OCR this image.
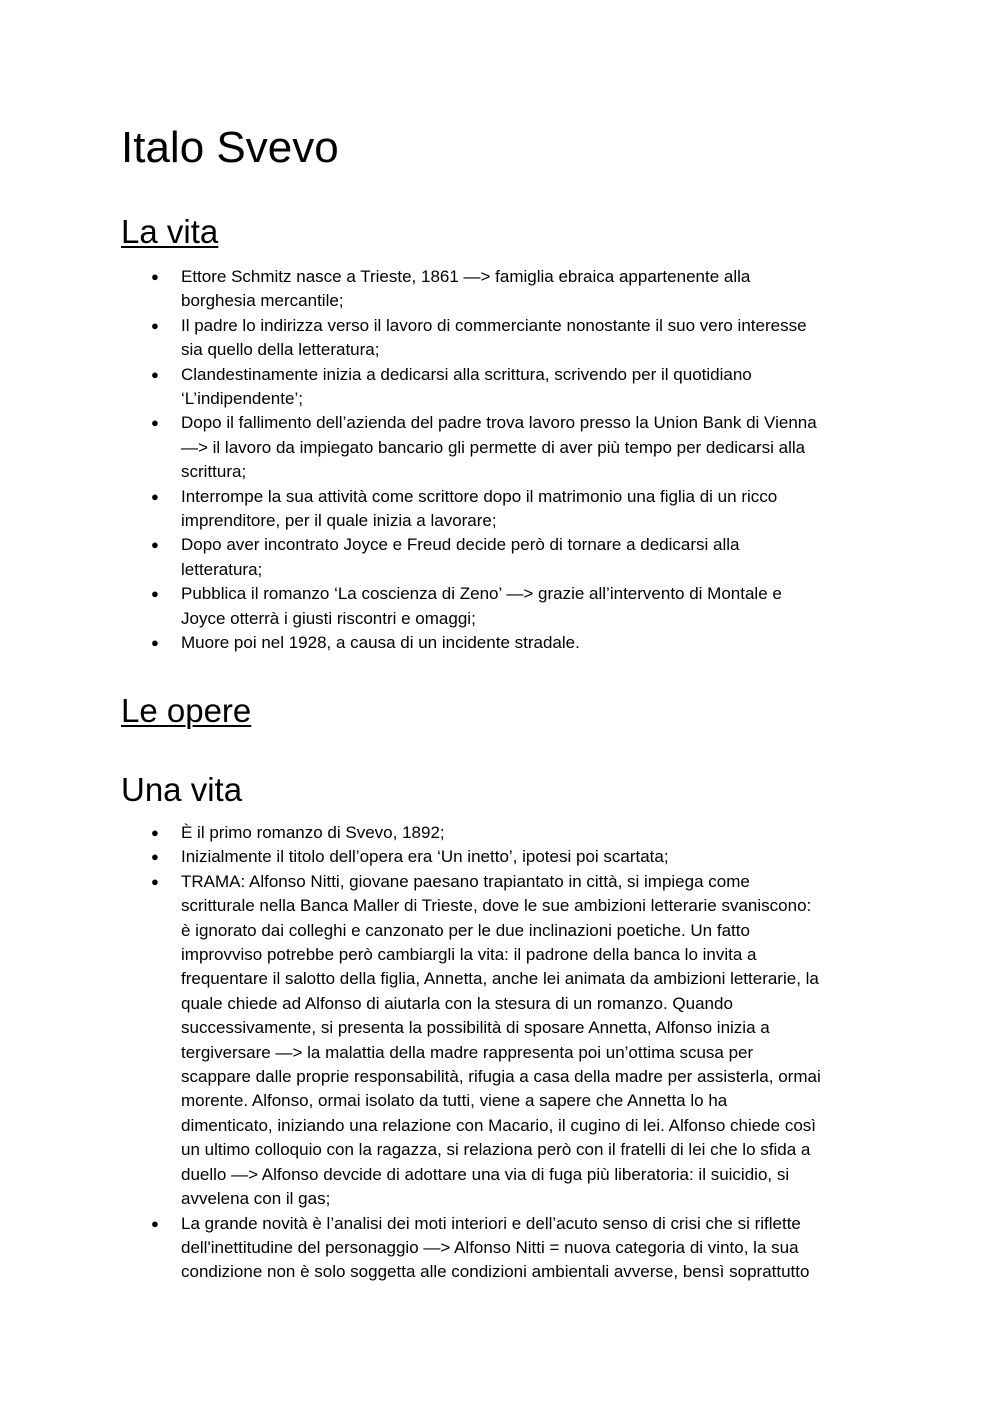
Italo Svevo
La vita
● Ettore Schmitz nasce a Trieste, 1861 —> famiglia ebraica appartenente alla
borghesia mercantile;
● Il padre lo indirizza verso il lavoro di commerciante nonostante il suo vero interesse
sia quello della letteratura;
● Clandestinamente inizia a dedicarsi alla scrittura, scrivendo per il quotidiano
‘L’indipendente’;
● Dopo il fallimento dell’azienda del padre trova lavoro presso la Union Bank di Vienna
—> il lavoro da impiegato bancario gli permette di aver più tempo per dedicarsi alla
scrittura;
● Interrompe la sua attività come scrittore dopo il matrimonio una figlia di un ricco
imprenditore, per il quale inizia a lavorare;
● Dopo aver incontrato Joyce e Freud decide però di tornare a dedicarsi alla
letteratura;
● Pubblica il romanzo ‘La coscienza di Zeno’ —> grazie all’intervento di Montale e
Joyce otterrà i giusti riscontri e omaggi;
● Muore poi nel 1928, a causa di un incidente stradale.
Le opere
Una vita
● È il primo romanzo di Svevo, 1892;
● Inizialmente il titolo dell’opera era ‘Un inetto’, ipotesi poi scartata;
● TRAMA: Alfonso Nitti, giovane paesano trapiantato in città, si impiega come
scritturale nella Banca Maller di Trieste, dove le sue ambizioni letterarie svaniscono:
è ignorato dai colleghi e canzonato per le due inclinazioni poetiche. Un fatto
improvviso potrebbe però cambiargli la vita: il padrone della banca lo invita a
frequentare il salotto della figlia, Annetta, anche lei animata da ambizioni letterarie, la
quale chiede ad Alfonso di aiutarla con la stesura di un romanzo. Quando
successivamente, si presenta la possibilità di sposare Annetta, Alfonso inizia a
tergiversare —> la malattia della madre rappresenta poi un’ottima scusa per
scappare dalle proprie responsabilità, rifugia a casa della madre per assisterla, ormai
morente. Alfonso, ormai isolato da tutti, viene a sapere che Annetta lo ha
dimenticato, iniziando una relazione con Macario, il cugino di lei. Alfonso chiede così
un ultimo colloquio con la ragazza, si relaziona però con il fratelli di lei che lo sfida a
duello —> Alfonso devcide di adottare una via di fuga più liberatoria: il suicidio, si
avvelena con il gas;
● La grande novità è l’analisi dei moti interiori e dell’acuto senso di crisi che si riflette
dell'inettitudine del personaggio —> Alfonso Nitti = nuova categoria di vinto, la sua
condizione non è solo soggetta alle condizioni ambientali avverse, bensì soprattutto
